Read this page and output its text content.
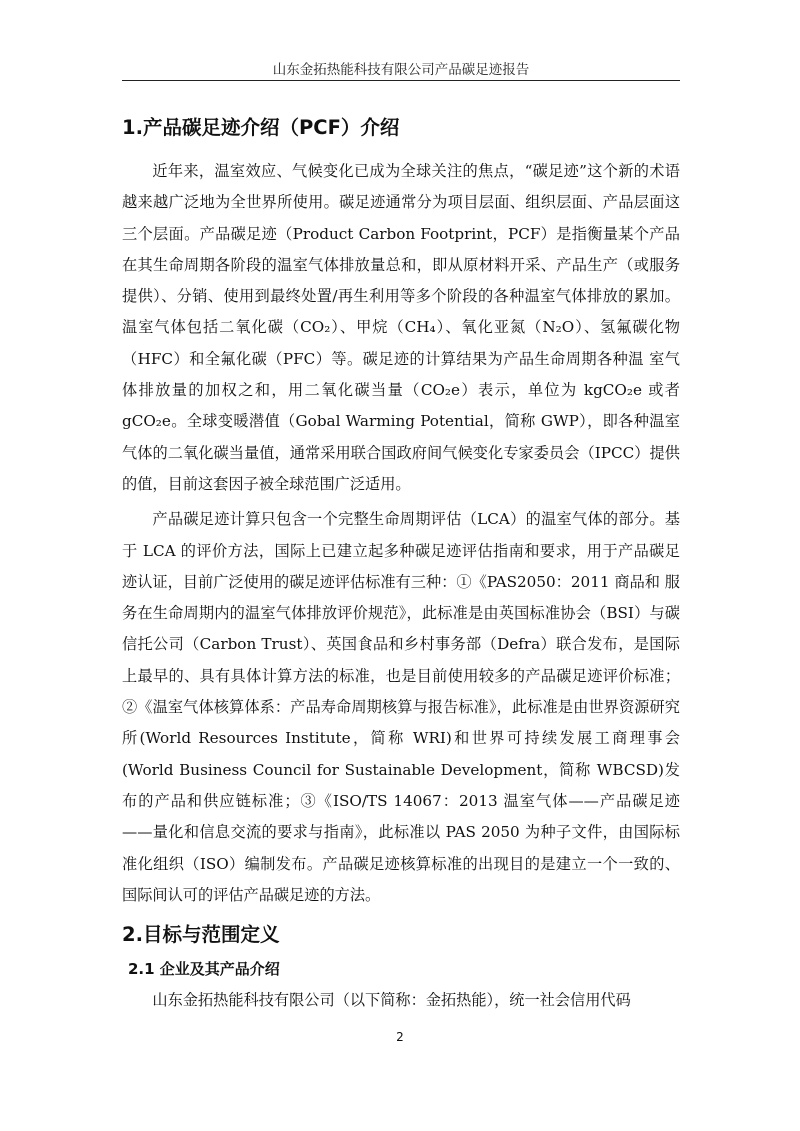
山东金拓热能科技有限公司产品碳足迹报告
1.产品碳足迹介绍（PCF）介绍

近年来，温室效应、气候变化已成为全球关注的焦点，“碳足迹”这个新的术语越来越广泛地为全世界所使用。碳足迹通常分为项目层面、组织层面、产品层面这三个层面。产品碳足迹（Product Carbon Footprint，PCF）是指衡量某个产品在其生命周期各阶段的温室气体排放量总和，即从原材料开采、产品生产（或服务提供）、分销、使用到最终处置/再生利用等多个阶段的各种温室气体排放的累加。温室气体包括二氧化碳（CO₂）、甲烷（CH₄）、氧化亚氮（N₂O）、氢氟碳化物（HFC）和全氟化碳（PFC）等。碳足迹的计算结果为产品生命周期各种温 室气体排放量的加权之和，用二氧化碳当量（CO₂e）表示，单位为 kgCO₂e 或者 gCO₂e。全球变暖潜值（Gobal Warming Potential，简称 GWP），即各种温室气体的二氧化碳当量值，通常采用联合国政府间气候变化专家委员会（IPCC）提供的值，目前这套因子被全球范围广泛适用。

产品碳足迹计算只包含一个完整生命周期评估（LCA）的温室气体的部分。基于 LCA 的评价方法，国际上已建立起多种碳足迹评估指南和要求，用于产品碳足迹认证，目前广泛使用的碳足迹评估标准有三种：①《PAS2050：2011 商品和 服务在生命周期内的温室气体排放评价规范》，此标准是由英国标准协会（BSI）与碳信托公司（Carbon Trust）、英国食品和乡村事务部（Defra）联合发布，是国际上最早的、具有具体计算方法的标准，也是目前使用较多的产品碳足迹评价标准；②《温室气体核算体系：产品寿命周期核算与报告标准》，此标准是由世界资源研究所(World Resources Institute，简称 WRI)和世界可持续发展工商理事会(World Business Council for Sustainable Development，简称 WBCSD)发布的产品和供应链标准；③《ISO/TS 14067：2013 温室气体——产品碳足迹——量化和信息交流的要求与指南》，此标准以 PAS 2050 为种子文件，由国际标准化组织（ISO）编制发布。产品碳足迹核算标准的出现目的是建立一个一致的、国际间认可的评估产品碳足迹的方法。

2.目标与范围定义
2.1 企业及其产品介绍

山东金拓热能科技有限公司（以下简称：金拓热能），统一社会信用代码

2
